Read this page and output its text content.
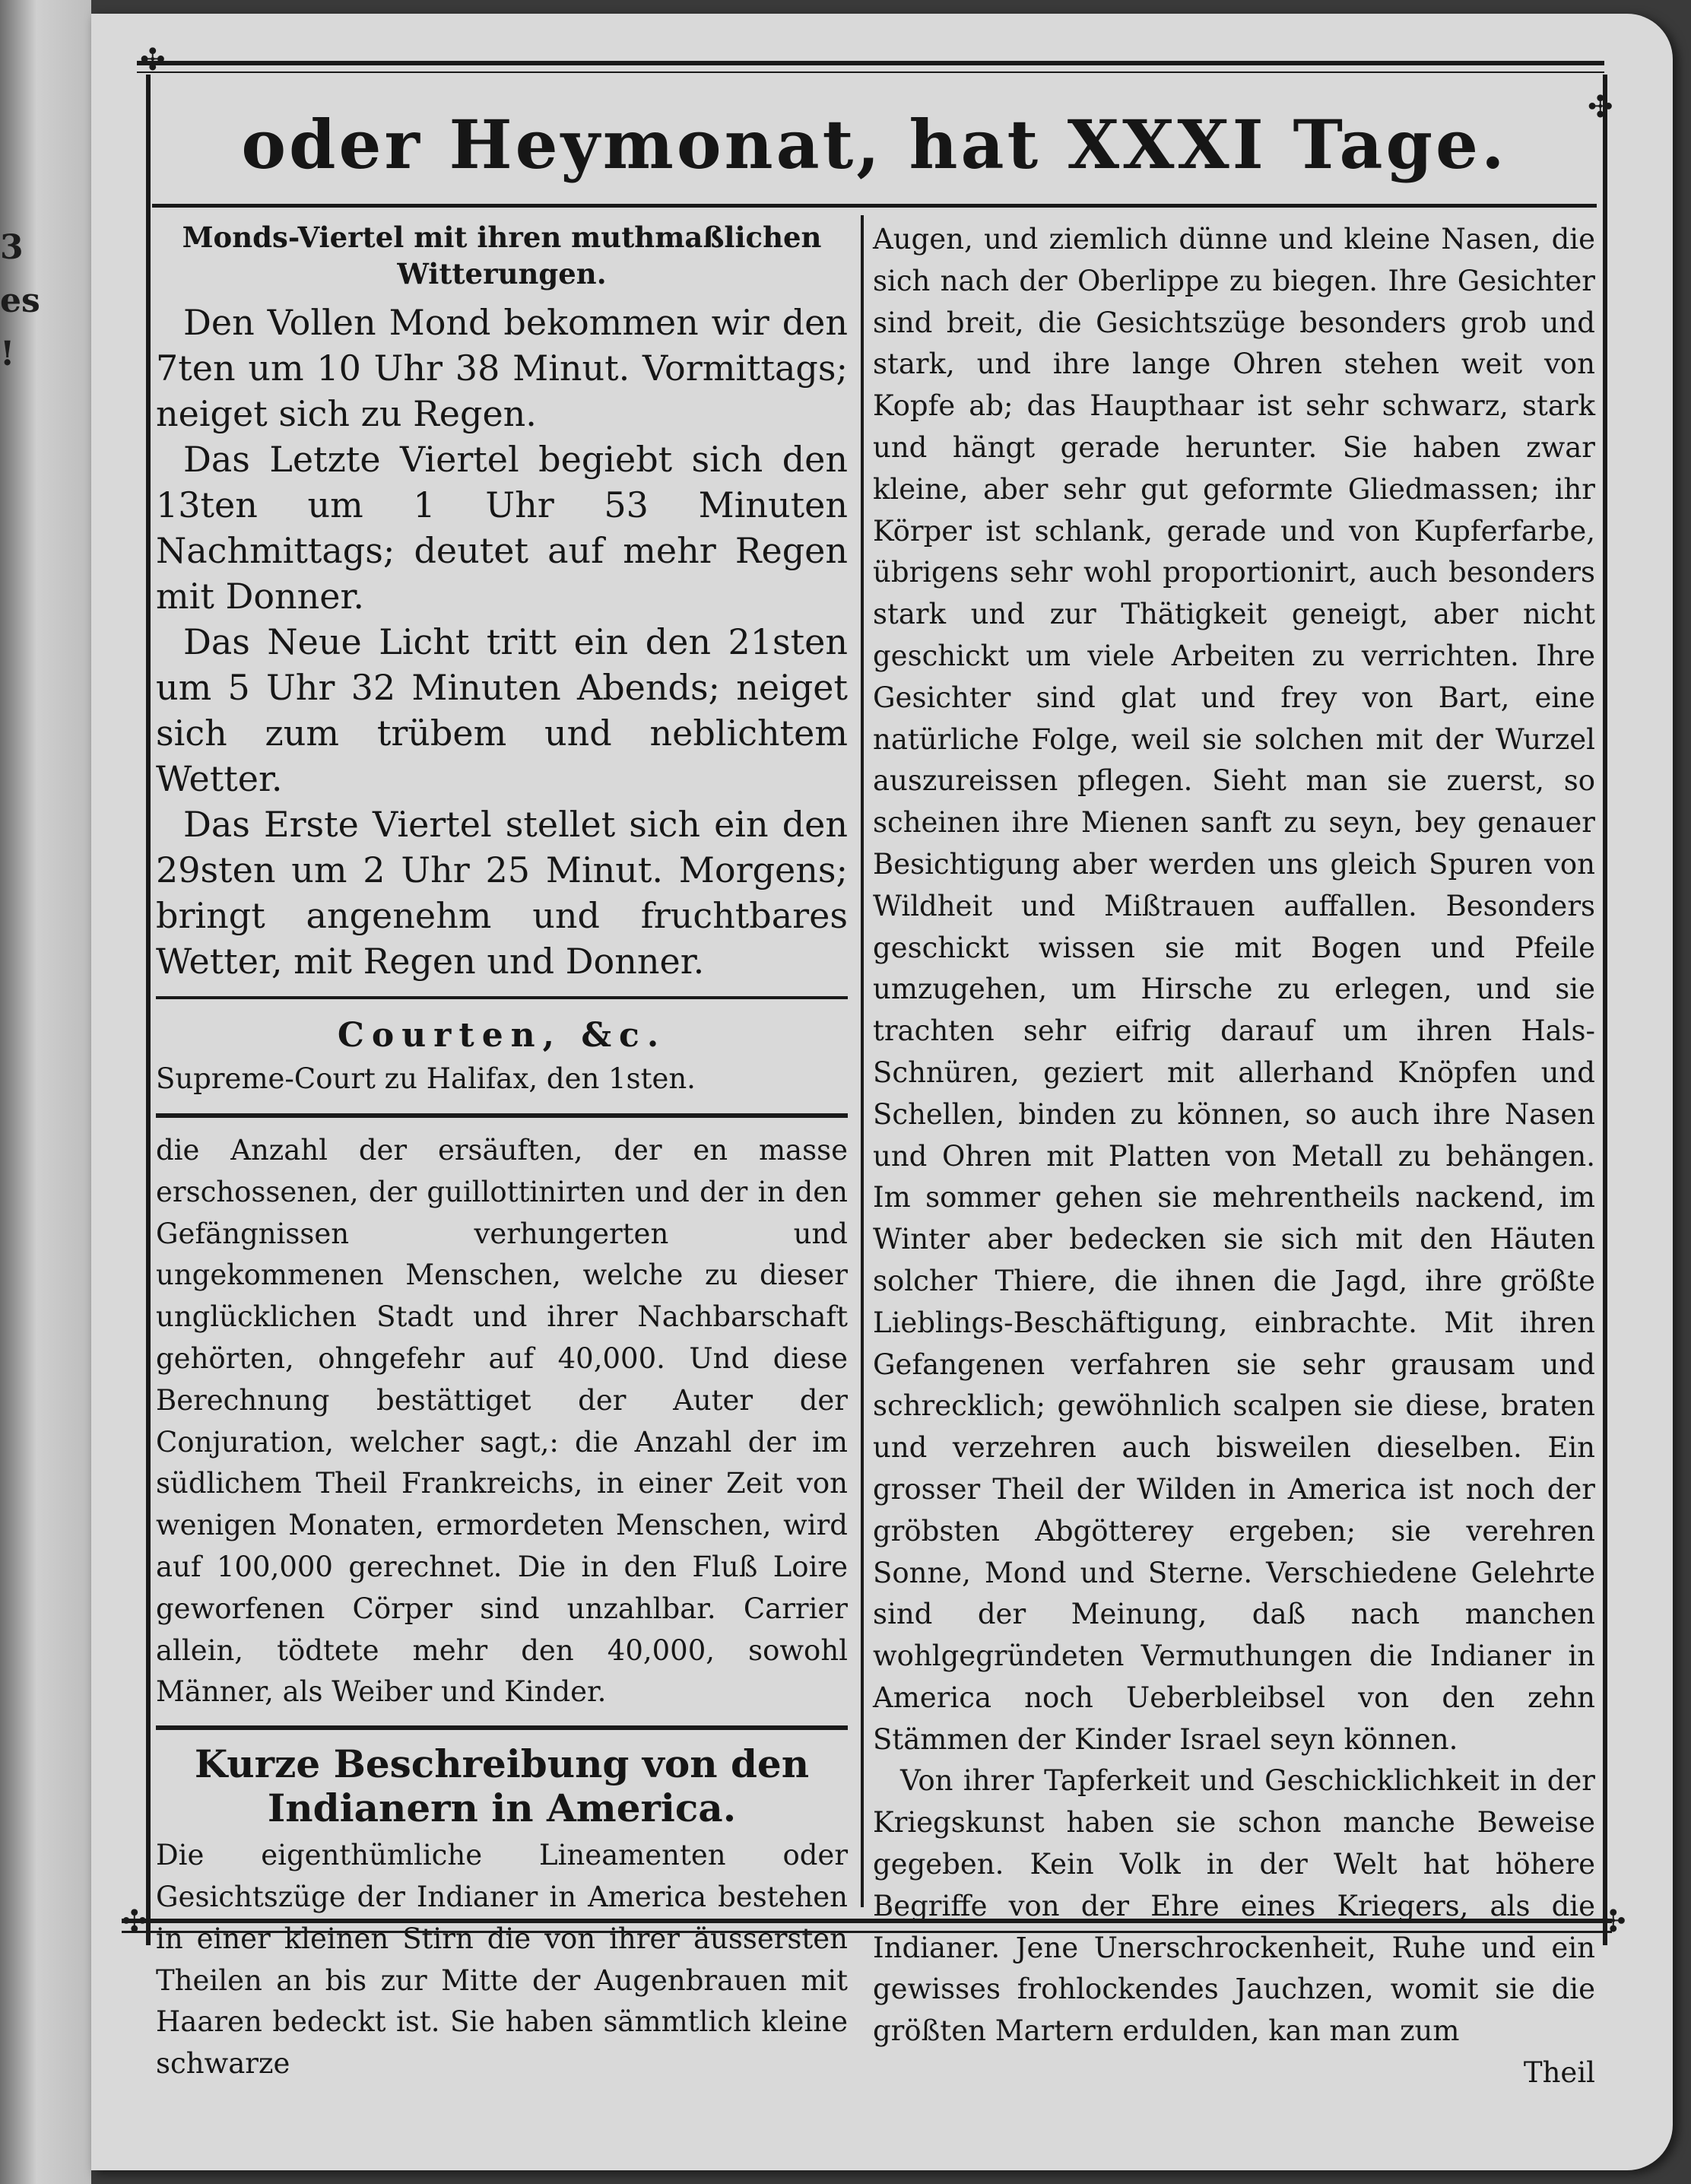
3
es
!
✣
✣
oder Heymonat, hat XXXI Tage.
Monds-Viertel mit ihren muthmaßlichen Witterungen.

Den Vollen Mond bekommen wir den 7ten um 10 Uhr 38 Minut. Vormittags; neiget sich zu Regen.

Das Letzte Viertel begiebt sich den 13ten um 1 Uhr 53 Minuten Nachmittags; deutet auf mehr Regen mit Donner.

Das Neue Licht tritt ein den 21sten um 5 Uhr 32 Minuten Abends; neiget sich zum trübem und neblichtem Wetter.

Das Erste Viertel stellet sich ein den 29sten um 2 Uhr 25 Minut. Morgens; bringt angenehm und fruchtbares Wetter, mit Regen und Donner.

Courten, &c.
Supreme-Court zu Halifax, den 1sten.

die Anzahl der ersäuften, der en masse erschossenen, der guillottinirten und der in den Gefängnissen verhungerten und ungekommenen Menschen, welche zu dieser unglücklichen Stadt und ihrer Nachbarschaft gehörten, ohngefehr auf 40,000. Und diese Berechnung bestättiget der Auter der Conjuration, welcher sagt,: die Anzahl der im südlichem Theil Frankreichs, in einer Zeit von wenigen Monaten, ermordeten Menschen, wird auf 100,000 gerechnet. Die in den Fluß Loire geworfenen Cörper sind unzahlbar. Carrier allein, tödtete mehr den 40,000, sowohl Männer, als Weiber und Kinder.

Kurze Beschreibung von den Indianern in America.

Die eigenthümliche Lineamenten oder Gesichtszüge der Indianer in America bestehen in einer kleinen Stirn die von ihrer äussersten Theilen an bis zur Mitte der Augenbrauen mit Haaren bedeckt ist. Sie haben sämmtlich kleine schwarze

Augen, und ziemlich dünne und kleine Nasen, die sich nach der Oberlippe zu biegen. Ihre Gesichter sind breit, die Gesichtszüge besonders grob und stark, und ihre lange Ohren stehen weit von Kopfe ab; das Haupthaar ist sehr schwarz, stark und hängt gerade herunter. Sie haben zwar kleine, aber sehr gut geformte Gliedmassen; ihr Körper ist schlank, gerade und von Kupferfarbe, übrigens sehr wohl proportionirt, auch besonders stark und zur Thätigkeit geneigt, aber nicht geschickt um viele Arbeiten zu verrichten. Ihre Gesichter sind glat und frey von Bart, eine natürliche Folge, weil sie solchen mit der Wurzel auszureissen pflegen. Sieht man sie zuerst, so scheinen ihre Mienen sanft zu seyn, bey genauer Besichtigung aber werden uns gleich Spuren von Wildheit und Mißtrauen auffallen. Besonders geschickt wissen sie mit Bogen und Pfeile umzugehen, um Hirsche zu erlegen, und sie trachten sehr eifrig darauf um ihren Hals-Schnüren, geziert mit allerhand Knöpfen und Schellen, binden zu können, so auch ihre Nasen und Ohren mit Platten von Metall zu behängen. Im sommer gehen sie mehrentheils nackend, im Winter aber bedecken sie sich mit den Häuten solcher Thiere, die ihnen die Jagd, ihre größte Lieblings-Beschäftigung, einbrachte. Mit ihren Gefangenen verfahren sie sehr grausam und schrecklich; gewöhnlich scalpen sie diese, braten und verzehren auch bisweilen dieselben. Ein grosser Theil der Wilden in America ist noch der gröbsten Abgötterey ergeben; sie verehren Sonne, Mond und Sterne. Verschiedene Gelehrte sind der Meinung, daß nach manchen wohlgegründeten Vermuthungen die Indianer in America noch Ueberbleibsel von den zehn Stämmen der Kinder Israel seyn können.

Von ihrer Tapferkeit und Geschicklichkeit in der Kriegskunst haben sie schon manche Beweise gegeben. Kein Volk in der Welt hat höhere Begriffe von der Ehre eines Kriegers, als die Indianer. Jene Unerschrockenheit, Ruhe und ein gewisses frohlockendes Jauchzen, womit sie die größten Martern erdulden, kan man zum

Theil

✣	✣
